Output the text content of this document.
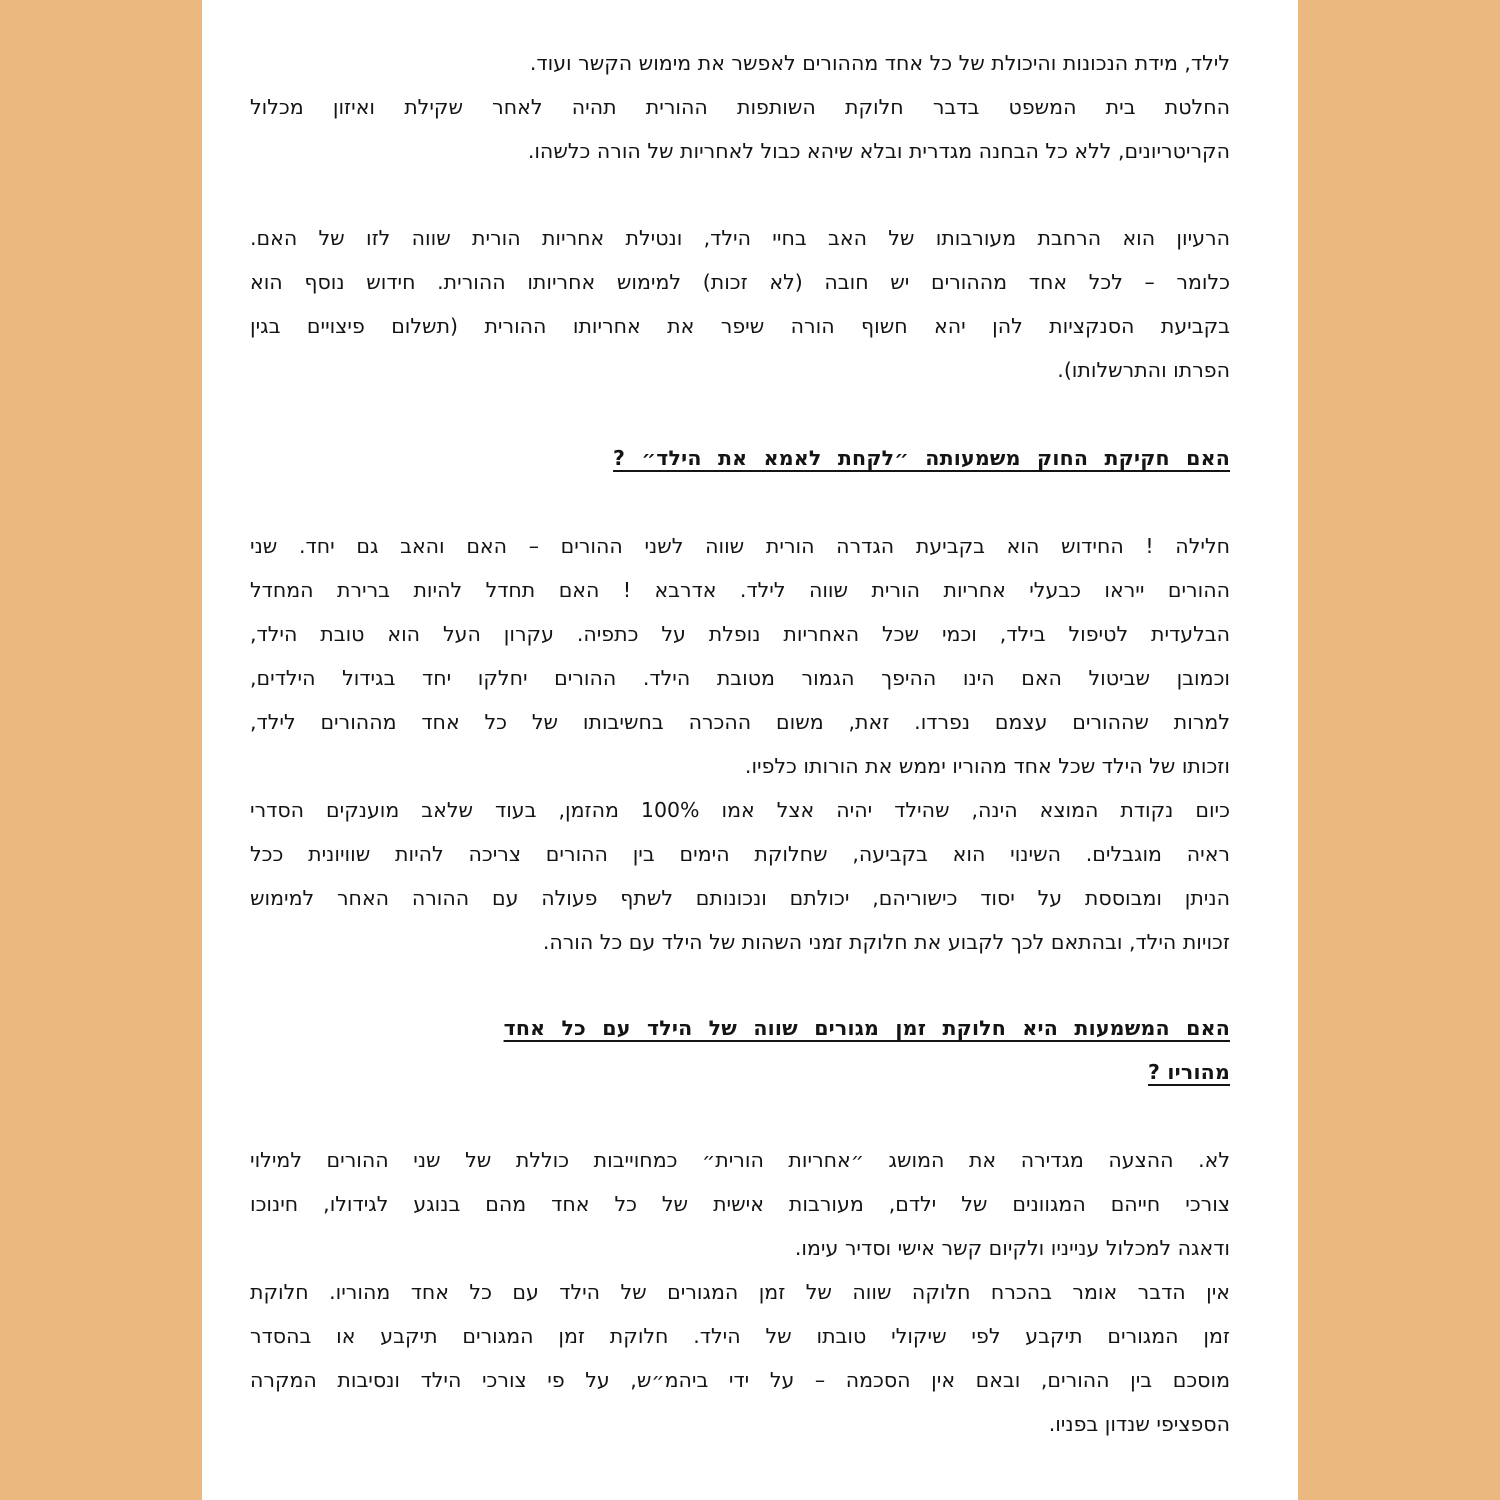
לילד, מידת הנכונות והיכולת של כל אחד מההורים לאפשר את מימוש הקשר ועוד.
החלטת בית המשפט בדבר חלוקת השותפות ההורית תהיה לאחר שקילת ואיזון מכלול
הקריטריונים, ללא כל הבחנה מגדרית ובלא שיהא כבול לאחריות של הורה כלשהו.
הרעיון הוא הרחבת מעורבותו של האב בחיי הילד, ונטילת אחריות הורית שווה לזו של האם.
כלומר – לכל אחד מההורים יש חובה (לא זכות) למימוש אחריותו ההורית. חידוש נוסף הוא
בקביעת הסנקציות להן יהא חשוף הורה שיפר את אחריותו ההורית (תשלום פיצויים בגין
הפרתו והתרשלותו).
האם חקיקת החוק משמעותה ״לקחת לאמא את הילד״ ?
חלילה ! החידוש הוא בקביעת הגדרה הורית שווה לשני ההורים – האם והאב גם יחד. שני
ההורים ייראו כבעלי אחריות הורית שווה לילד. אדרבא ! האם תחדל להיות ברירת המחדל
הבלעדית לטיפול בילד, וכמי שכל האחריות נופלת על כתפיה. עקרון העל הוא טובת הילד,
וכמובן שביטול האם הינו ההיפך הגמור מטובת הילד. ההורים יחלקו יחד בגידול הילדים,
למרות שההורים עצמם נפרדו. זאת, משום ההכרה בחשיבותו של כל אחד מההורים לילד,
וזכותו של הילד שכל אחד מהוריו יממש את הורותו כלפיו.
כיום נקודת המוצא הינה, שהילד יהיה אצל אמו 100% מהזמן, בעוד שלאב מוענקים הסדרי
ראיה מוגבלים. השינוי הוא בקביעה, שחלוקת הימים בין ההורים צריכה להיות שוויונית ככל
הניתן ומבוססת על יסוד כישוריהם, יכולתם ונכונותם לשתף פעולה עם ההורה האחר למימוש
זכויות הילד, ובהתאם לכך לקבוע את חלוקת זמני השהות של הילד עם כל הורה.
האם המשמעות היא חלוקת זמן מגורים שווה של הילד עם כל אחד
מהוריו ?
לא. ההצעה מגדירה את המושג ״אחריות הורית״ כמחוייבות כוללת של שני ההורים למילוי
צורכי חייהם המגוונים של ילדם, מעורבות אישית של כל אחד מהם בנוגע לגידולו, חינוכו
ודאגה למכלול ענייניו ולקיום קשר אישי וסדיר עימו.
אין הדבר אומר בהכרח חלוקה שווה של זמן המגורים של הילד עם כל אחד מהוריו. חלוקת
זמן המגורים תיקבע לפי שיקולי טובתו של הילד. חלוקת זמן המגורים תיקבע או בהסדר
מוסכם בין ההורים, ובאם אין הסכמה – על ידי ביהמ״ש, על פי צורכי הילד ונסיבות המקרה
הספציפי שנדון בפניו.
